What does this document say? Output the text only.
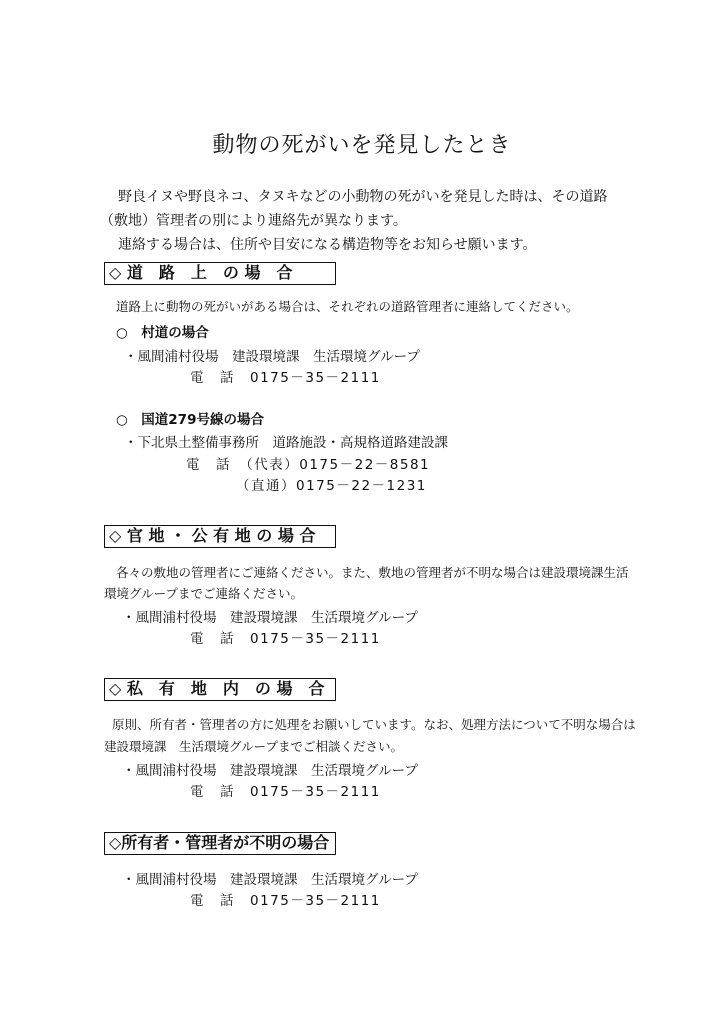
動物の死がいを発見したとき
野良イヌや野良ネコ、タヌキなどの小動物の死がいを発見した時は、その道路
（敷地）管理者の別により連絡先が異なります。
連絡する場合は、住所や目安になる構造物等をお知らせ願います。
◇ 道　路　上　の 場　合
道路上に動物の死がいがある場合は、それぞれの道路管理者に連絡してください。
○　村道の場合
・風間浦村役場　建設環境課　生活環境グループ
電　話　0175－35－2111
○　国道279号線の場合
・下北県土整備事務所　道路施設・高規格道路建設課
電　話　（代表）0175－22－8581
（直通）0175－22－1231
◇ 官 地 ・ 公 有 地 の 場 合
各々の敷地の管理者にご連絡ください。また、敷地の管理者が不明な場合は建設環境課生活
環境グループまでご連絡ください。
・風間浦村役場　建設環境課　生活環境グループ
電　話　0175－35－2111
◇ 私　有　地　内　の 場　合
原則、所有者・管理者の方に処理をお願いしています。なお、処理方法について不明な場合は
建設環境課　生活環境グループまでご相談ください。
・風間浦村役場　建設環境課　生活環境グループ
電　話　0175－35－2111
◇所有者・管理者が不明の場合
・風間浦村役場　建設環境課　生活環境グループ
電　話　0175－35－2111
